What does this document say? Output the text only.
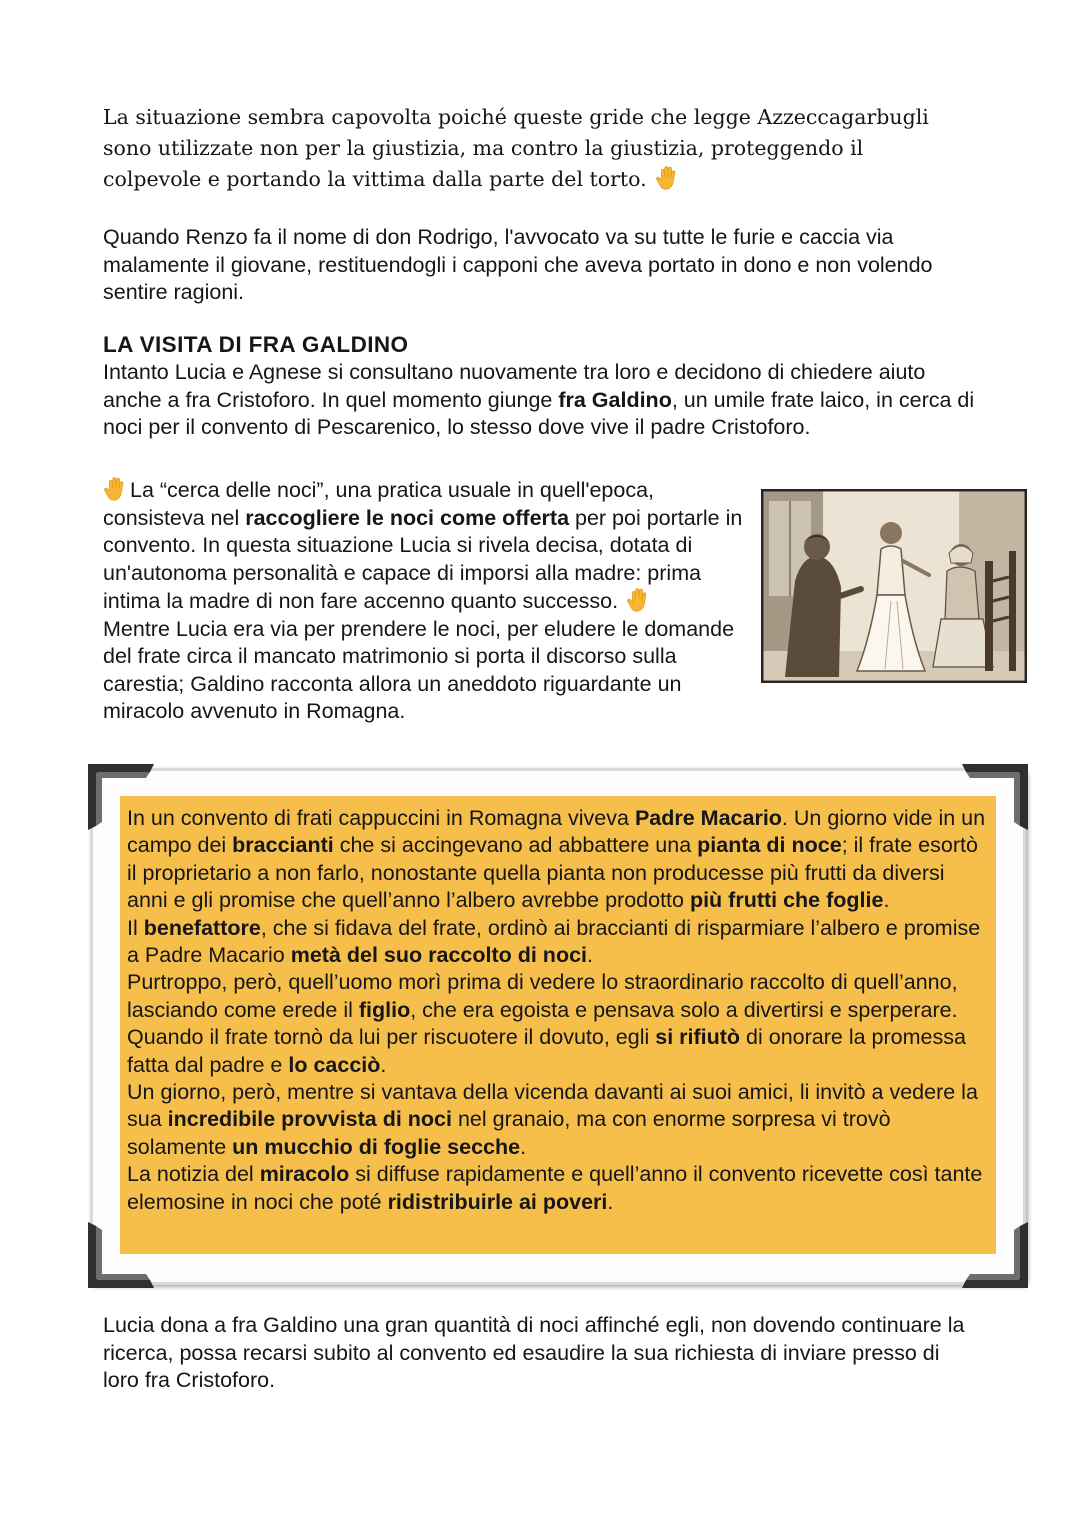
La situazione sembra capovolta poiché queste gride che legge Azzeccagarbugli sono utilizzate non per la giustizia, ma contro la giustizia, proteggendo il colpevole e portando la vittima dalla parte del torto.

Quando Renzo fa il nome di don Rodrigo, l'avvocato va su tutte le furie e caccia via malamente il giovane, restituendogli i capponi che aveva portato in dono e non volendo sentire ragioni.

LA VISITA DI FRA GALDINO

Intanto Lucia e Agnese si consultano nuovamente tra loro e decidono di chiedere aiuto anche a fra Cristoforo. In quel momento giunge fra Galdino, un umile frate laico, in cerca di noci per il convento di Pescarenico, lo stesso dove vive il padre Cristoforo.

La “cerca delle noci”, una pratica usuale in quell'epoca, consisteva nel raccogliere le noci come offerta per poi portarle in convento. In questa situazione Lucia si rivela decisa, dotata di un'autonoma personalità e capace di imporsi alla madre: prima intima la madre di non fare accenno quanto successo.
Mentre Lucia era via per prendere le noci, per eludere le domande del frate circa il mancato matrimonio si porta il discorso sulla carestia; Galdino racconta allora un aneddoto riguardante un miracolo avvenuto in Romagna.

In un convento di frati cappuccini in Romagna viveva Padre Macario. Un giorno vide in un campo dei braccianti che si accingevano ad abbattere una pianta di noce; il frate esortò il proprietario a non farlo, nonostante quella pianta non producesse più frutti da diversi anni e gli promise che quell’anno l’albero avrebbe prodotto più frutti che foglie.
Il benefattore, che si fidava del frate, ordinò ai braccianti di risparmiare l’albero e promise a Padre Macario metà del suo raccolto di noci.
Purtroppo, però, quell’uomo morì prima di vedere lo straordinario raccolto di quell’anno, lasciando come erede il figlio, che era egoista e pensava solo a divertirsi e sperperare. Quando il frate tornò da lui per riscuotere il dovuto, egli si rifiutò di onorare la promessa fatta dal padre e lo cacciò.
Un giorno, però, mentre si vantava della vicenda davanti ai suoi amici, li invitò a vedere la sua incredibile provvista di noci nel granaio, ma con enorme sorpresa vi trovò solamente un mucchio di foglie secche.
La notizia del miracolo si diffuse rapidamente e quell’anno il convento ricevette così tante elemosine in noci che poté ridistribuirle ai poveri.

Lucia dona a fra Galdino una gran quantità di noci affinché egli, non dovendo continuare la ricerca, possa recarsi subito al convento ed esaudire la sua richiesta di inviare presso di loro fra Cristoforo.
